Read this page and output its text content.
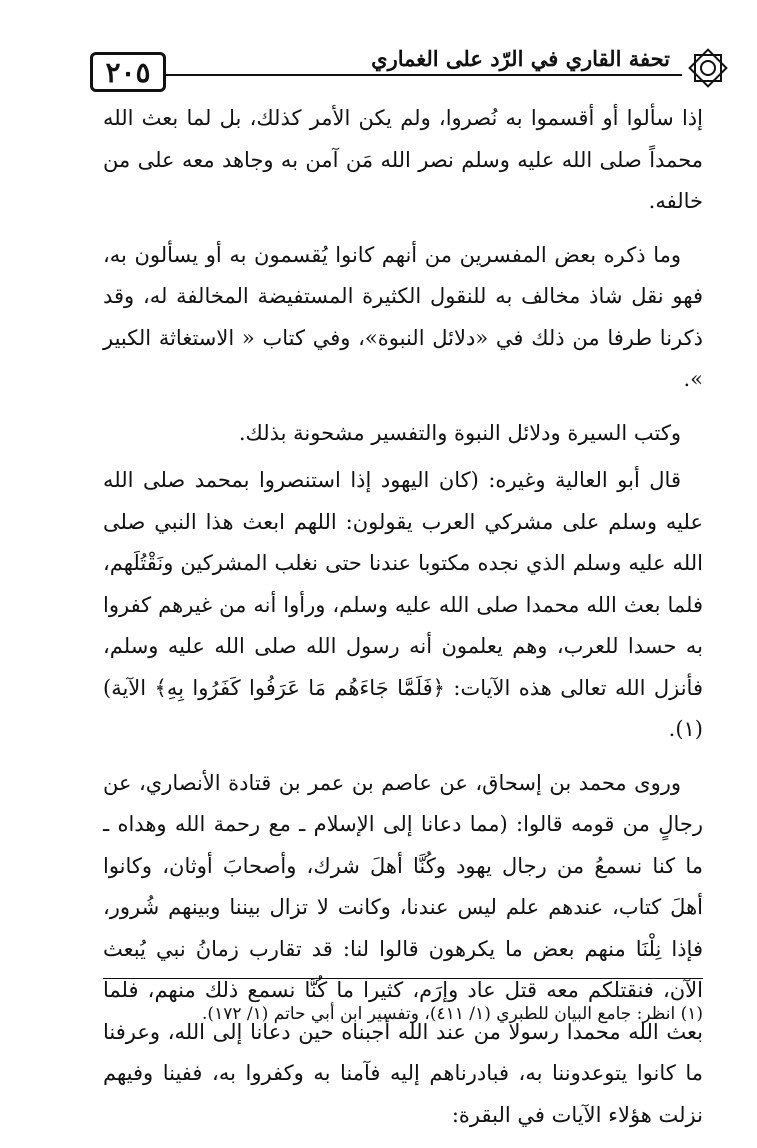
٢٠٥	تحفة القاري في الرّد على الغماري

إذا سألوا أو أقسموا به نُصروا، ولم يكن الأمر كذلك، بل لما بعث الله محمداً صلى الله عليه وسلم نصر الله مَن آمن به وجاهد معه على من خالفه.

وما ذكره بعض المفسرين من أنهم كانوا يُقسمون به أو يسألون به، فهو نقل شاذ مخالف به للنقول الكثيرة المستفيضة المخالفة له، وقد ذكرنا طرفا من ذلك في «دلائل النبوة»، وفي كتاب « الاستغاثة الكبير ».

وكتب السيرة ودلائل النبوة والتفسير مشحونة بذلك.

قال أبو العالية وغيره: (كان اليهود إذا استنصروا بمحمد صلى الله عليه وسلم على مشركي العرب يقولون: اللهم ابعث هذا النبي صلى الله عليه وسلم الذي نجده مكتوبا عندنا حتى نغلب المشركين ونَقْتُلَهم، فلما بعث الله محمدا صلى الله عليه وسلم، ورأوا أنه من غيرهم كفروا به حسدا للعرب، وهم يعلمون أنه رسول الله صلى الله عليه وسلم، فأنزل الله تعالى هذه الآيات: ﴿فَلَمَّا جَاءَهُم مَا عَرَفُوا كَفَرُوا بِهِ﴾ الآية)(١).

وروى محمد بن إسحاق، عن عاصم بن عمر بن قتادة الأنصاري، عن رجالٍ من قومه قالوا: (مما دعانا إلى الإسلام ـ مع رحمة الله وهداه ـ ما كنا نسمعُ من رجال يهود وكُنَّا أهلَ شرك، وأصحابَ أوثان، وكانوا أهلَ كتاب، عندهم علم ليس عندنا، وكانت لا تزال بيننا وبينهم شُرور، فإذا نِلْنَا منهم بعض ما يكرهون قالوا لنا: قد تقارب زمانُ نبي يُبعث الآن، فنقتلكم معه قتل عاد وإرَم، كثيرا ما كُنَّا نسمع ذلك منهم، فلما بعث الله محمدا رسولا من عند الله أجبناه حين دعانا إلى الله، وعرفنا ما كانوا يتوعدوننا به، فبادرناهم إليه فآمنا به وكفروا به، ففينا وفيهم نزلت هؤلاء الآيات في البقرة:

(١) انظر: جامع البيان للطبري (١/ ٤١١)، وتفسير ابن أبي حاتم (١/ ١٧٢).
